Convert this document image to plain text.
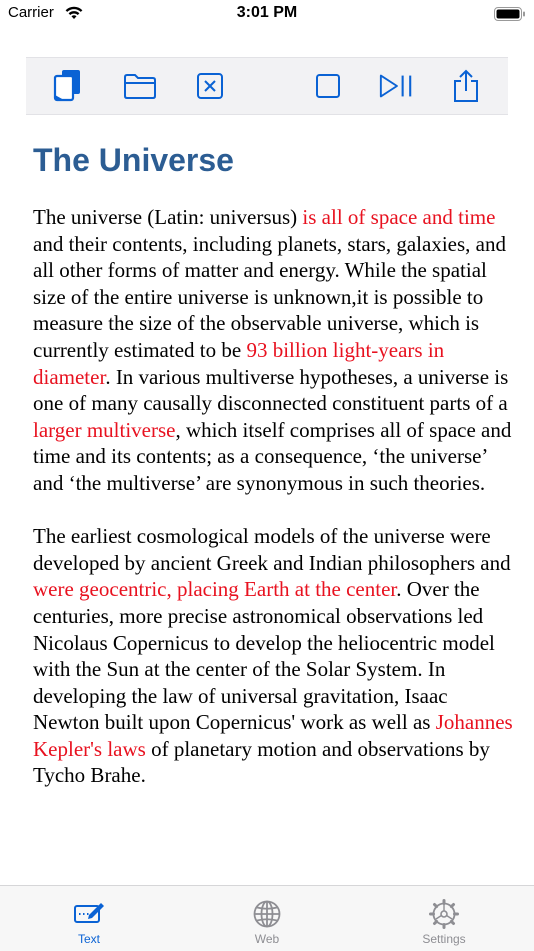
Carrier	3:01 PM
The Universe

The universe (Latin: universus) is all of space and time and their contents, including planets, stars, galaxies, and all other forms of matter and energy. While the spatial size of the entire universe is unknown,it is possible to measure the size of the observable universe, which is currently estimated to be 93 billion light-years in diameter. In various multiverse hypotheses, a universe is one of many causally disconnected constituent parts of a larger multiverse, which itself comprises all of space and time and its contents; as a consequence, ‘the universe’ and ‘the multiverse’ are synonymous in such theories.

The earliest cosmological models of the universe were developed by ancient Greek and Indian philosophers and were geocentric, placing Earth at the center. Over the centuries, more precise astronomical observations led Nicolaus Copernicus to develop the heliocentric model with the Sun at the center of the Solar System. In developing the law of universal gravitation, Isaac Newton built upon Copernicus' work as well as Johannes Kepler's laws of planetary motion and observations by Tycho Brahe.

Text	Web	Settings
